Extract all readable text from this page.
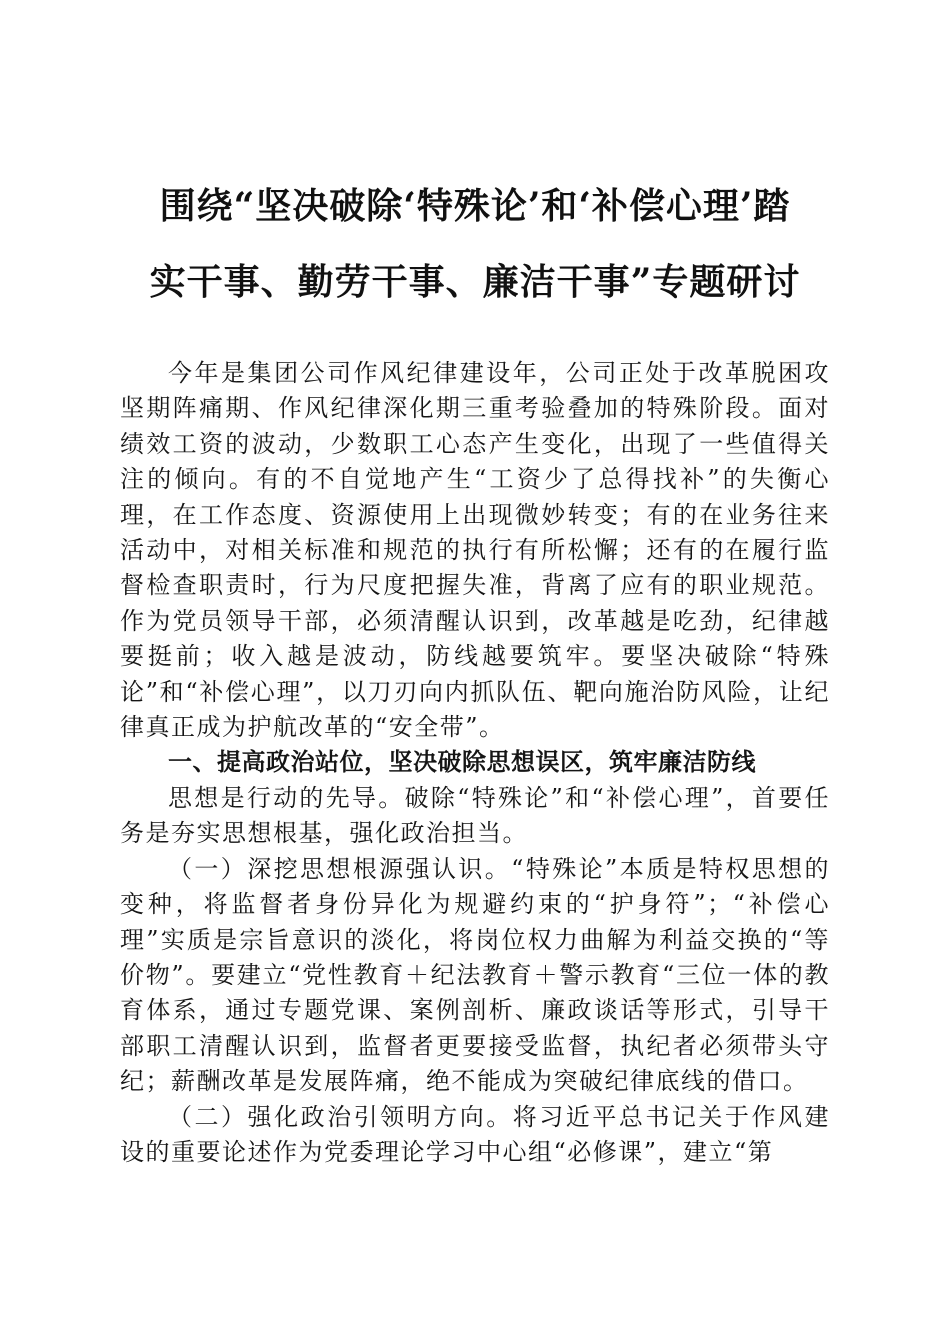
围绕“坚决破除‘特殊论’和‘补偿心理’踏
实干事、勤劳干事、廉洁干事”专题研讨

今年是集团公司作风纪律建设年，公司正处于改革脱困攻坚期阵痛期、作风纪律深化期三重考验叠加的特殊阶段。面对绩效工资的波动，少数职工心态产生变化，出现了一些值得关注的倾向。有的不自觉地产生“工资少了总得找补”的失衡心理，在工作态度、资源使用上出现微妙转变；有的在业务往来活动中，对相关标准和规范的执行有所松懈；还有的在履行监督检查职责时，行为尺度把握失准，背离了应有的职业规范。作为党员领导干部，必须清醒认识到，改革越是吃劲，纪律越要挺前；收入越是波动，防线越要筑牢。要坚决破除“特殊论”和“补偿心理”，以刀刃向内抓队伍、靶向施治防风险，让纪律真正成为护航改革的“安全带”。

一、提高政治站位，坚决破除思想误区，筑牢廉洁防线

思想是行动的先导。破除“特殊论”和“补偿心理”，首要任务是夯实思想根基，强化政治担当。

（一）深挖思想根源强认识。“特殊论”本质是特权思想的变种，将监督者身份异化为规避约束的“护身符”；“补偿心理”实质是宗旨意识的淡化，将岗位权力曲解为利益交换的“等价物”。要建立“党性教育＋纪法教育＋警示教育“三位一体的教育体系，通过专题党课、案例剖析、廉政谈话等形式，引导干部职工清醒认识到，监督者更要接受监督，执纪者必须带头守纪；薪酬改革是发展阵痛，绝不能成为突破纪律底线的借口。

（二）强化政治引领明方向。将习近平总书记关于作风建设的重要论述作为党委理论学习中心组“必修课”，建立“第
